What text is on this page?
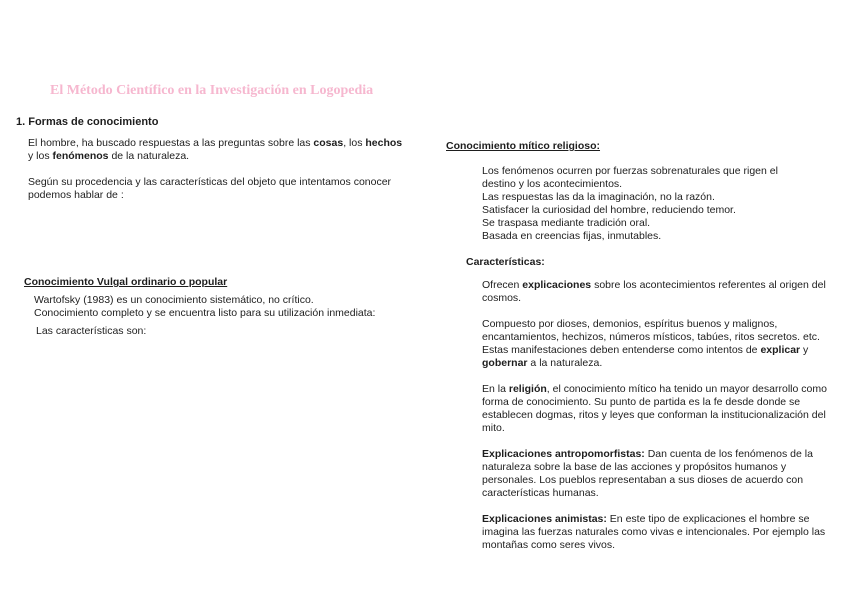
El Método Científico en la Investigación en Logopedia
1. Formas de conocimiento

El hombre, ha buscado respuestas a las preguntas sobre las cosas, los hechos

y los fenómenos de la naturaleza.

Según su procedencia y las características del objeto que intentamos conocer podemos hablar de :
Conocimiento Vulgal ordinario o popular
Wartofsky (1983) es un conocimiento sistemático, no crítico.
Conocimiento completo y se encuentra listo para su utilización inmediata:
Las características son:
Conocimiento mítico religioso:
Los fenómenos ocurren por fuerzas sobrenaturales que rigen el destino y los acontecimientos.
Las respuestas las da la imaginación, no la razón.
Satisfacer la curiosidad del hombre, reduciendo temor.
Se traspasa mediante tradición oral.
Basada en creencias fijas, inmutables.
Características:

Ofrecen explicaciones sobre los acontecimientos referentes al origen del cosmos.

Compuesto por dioses, demonios, espíritus buenos y malignos, encantamientos, hechizos, números místicos, tabúes, ritos secretos. etc.

Estas manifestaciones deben entenderse como intentos de explicar y gobernar a la naturaleza.

En la religión, el conocimiento mítico ha tenido un mayor desarrollo como forma de conocimiento. Su punto de partida es la fe desde donde se establecen dogmas, ritos y leyes que conforman la institucionalización del mito.

Explicaciones antropomorfistas: Dan cuenta de los fenómenos de la naturaleza sobre la base de las acciones y propósitos humanos y personales. Los pueblos representaban a sus dioses de acuerdo con características humanas.

Explicaciones animistas: En este tipo de explicaciones el hombre se imagina las fuerzas naturales como vivas e intencionales. Por ejemplo las montañas como seres vivos.
